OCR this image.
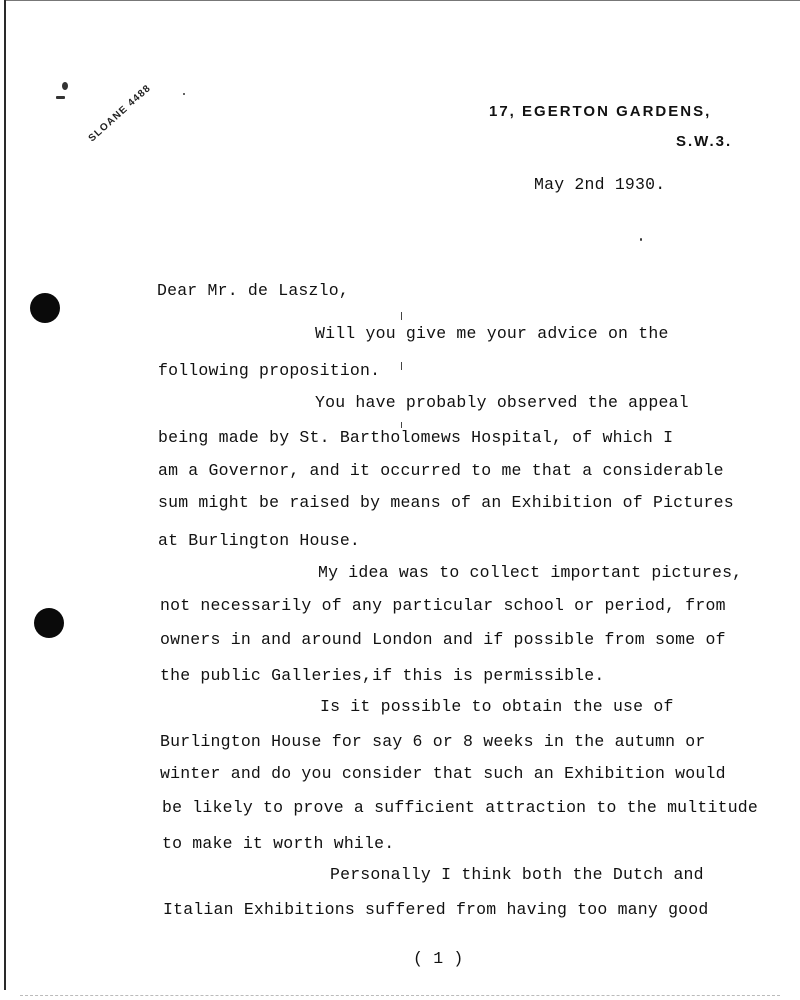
SLOANE 4488	17, EGERTON GARDENS,
S.W.3.
May 2nd 1930.
Dear Mr. de Laszlo,
Will you give me your advice on the
following proposition.
You have probably observed the appeal
being made by St. Bartholomews Hospital, of which I
am a Governor, and it occurred to me that a considerable
sum might be raised by means of an Exhibition of Pictures
at Burlington House.
My idea was to collect important pictures,
not necessarily of any particular school or period, from
owners in and around London and if possible from some of
the public Galleries,if this is permissible.
Is it possible to obtain the use of
Burlington House for say 6 or 8 weeks in the autumn or
winter and do you consider that such an Exhibition would
be likely to prove a sufficient attraction to the multitude
to make it worth while.
Personally I think both the Dutch and
Italian Exhibitions suffered from having too many good
( 1 )
